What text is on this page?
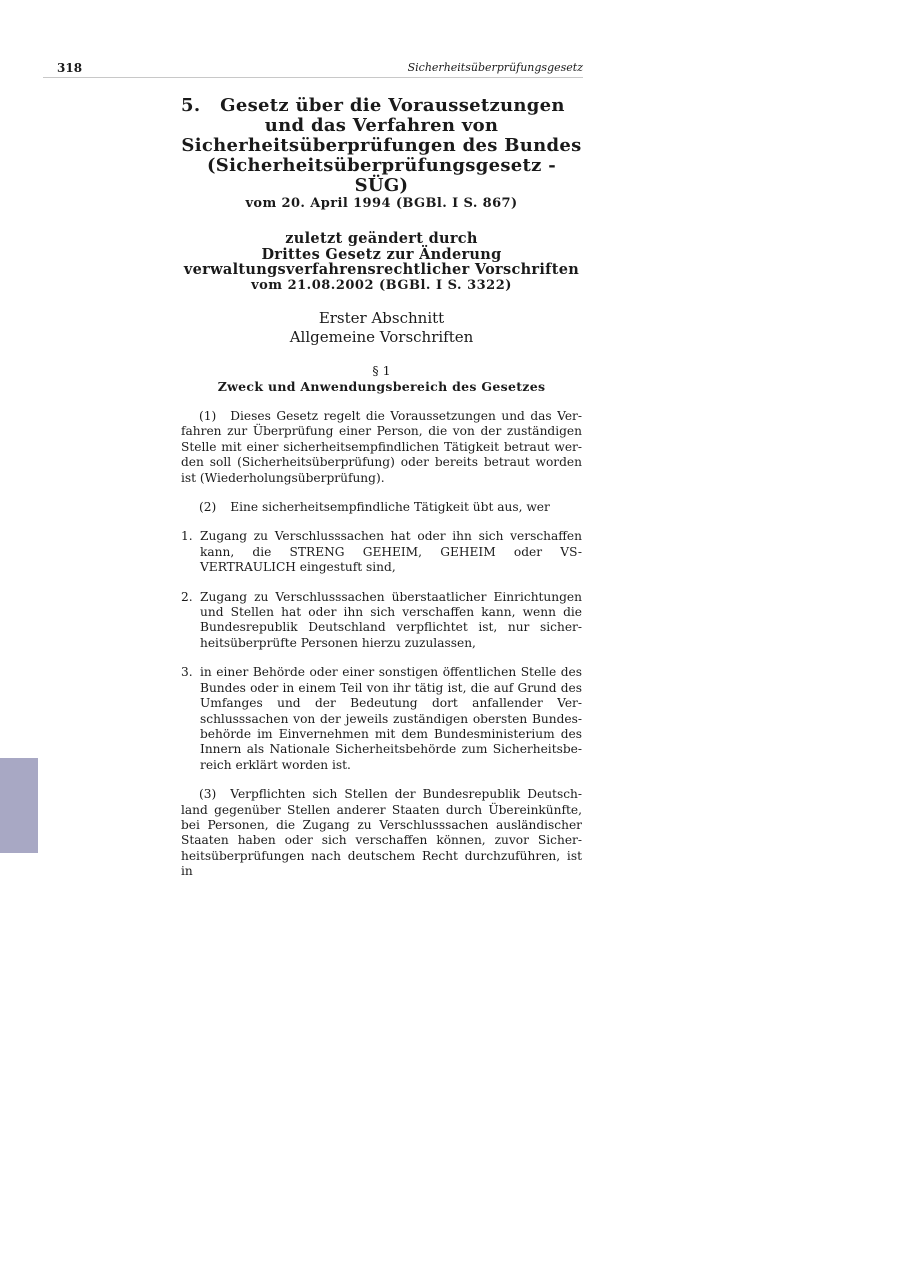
318	Sicherheitsüberprüfungsgesetz
5.	Gesetz über die Voraussetzungen
und das Verfahren von
Sicherheitsüberprüfungen des Bundes
(Sicherheitsüberprüfungsgesetz - SÜG)
vom 20. April 1994 (BGBl. I S. 867)
zuletzt geändert durch
Drittes Gesetz zur Änderung
verwaltungsverfahrensrechtlicher Vorschriften
vom 21.08.2002 (BGBl. I S. 3322)
Erster Abschnitt
Allgemeine Vorschriften
§ 1
Zweck und Anwendungsbereich des Gesetzes

(1) Dieses Gesetz regelt die Voraussetzungen und das Verfahren zur Überprüfung einer Person, die von der zuständigen Stelle mit einer sicherheitsempfindlichen Tätigkeit betraut werden soll (Sicherheitsüberprüfung) oder bereits betraut worden ist (Wiederholungsüberprüfung).

(2) Eine sicherheitsempfindliche Tätigkeit übt aus, wer

1. Zugang zu Verschlusssachen hat oder ihn sich verschaffen kann, die STRENG GEHEIM, GEHEIM oder VS-VERTRAULICH eingestuft sind,
2. Zugang zu Verschlusssachen überstaatlicher Einrichtungen und Stellen hat oder ihn sich verschaffen kann, wenn die Bundesrepublik Deutschland verpflichtet ist, nur sicherheitsüberprüfte Personen hierzu zuzulassen,
3. in einer Behörde oder einer sonstigen öffentlichen Stelle des Bundes oder in einem Teil von ihr tätig ist, die auf Grund des Umfanges und der Bedeutung dort anfallender Verschlusssachen von der jeweils zuständigen obersten Bundesbehörde im Einvernehmen mit dem Bundesministerium des Innern als Nationale Sicherheitsbehörde zum Sicherheitsbereich erklärt worden ist.

(3) Verpflichten sich Stellen der Bundesrepublik Deutschland gegenüber Stellen anderer Staaten durch Übereinkünfte, bei Personen, die Zugang zu Verschlusssachen ausländischer Staaten haben oder sich verschaffen können, zuvor Sicherheitsüberprüfungen nach deutschem Recht durchzuführen, ist in
